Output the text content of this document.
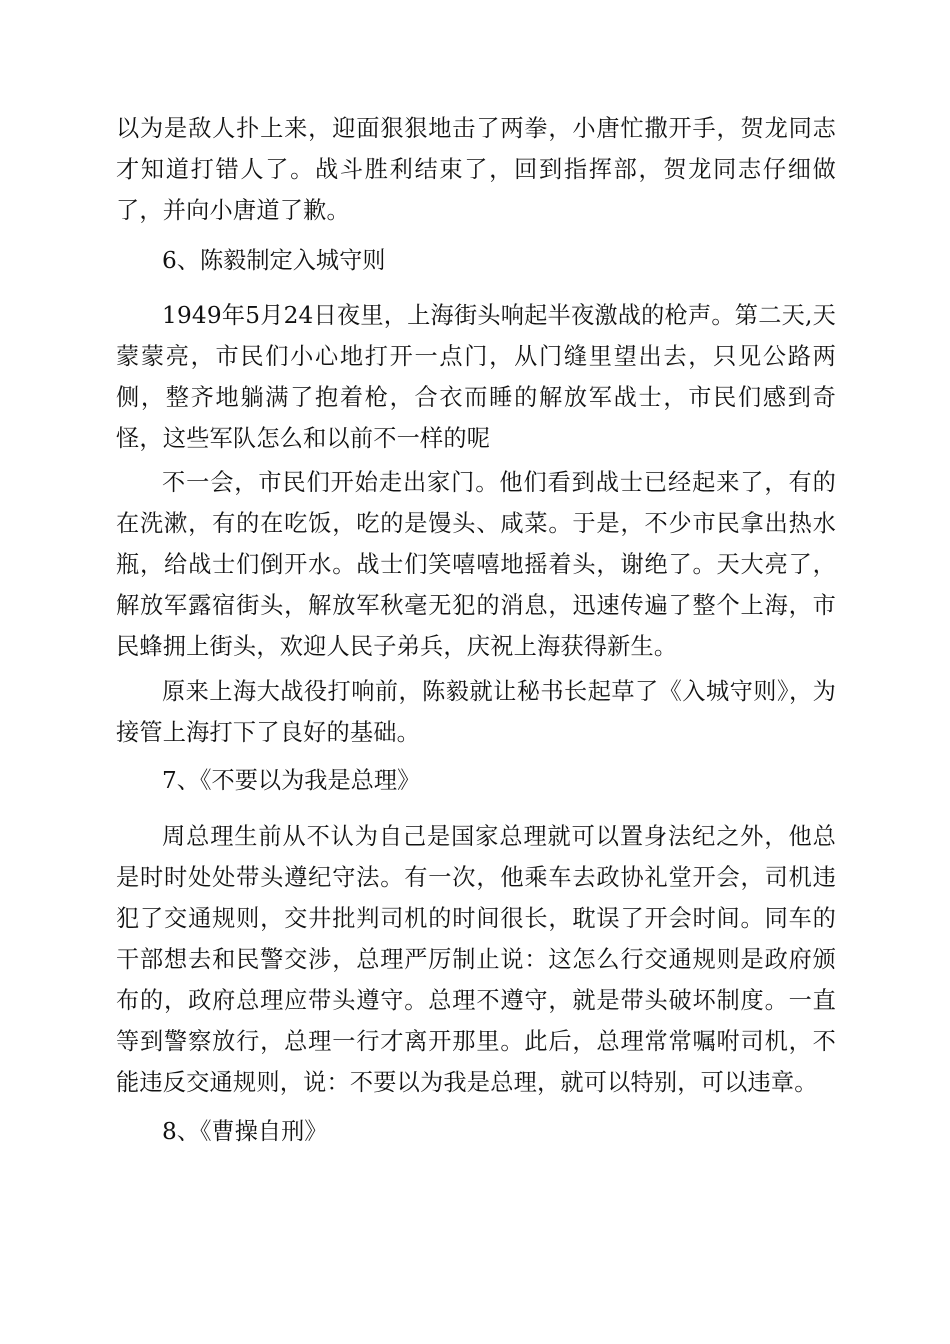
以为是敌人扑上来，迎面狠狠地击了两拳，小唐忙撒开手，贺龙同志才知道打错人了。战斗胜利结束了，回到指挥部，贺龙同志仔细做了，并向小唐道了歉。

6、陈毅制定入城守则

1949年5月24日夜里，上海街头响起半夜激战的枪声。第二天,天蒙蒙亮，市民们小心地打开一点门，从门缝里望出去，只见公路两侧，整齐地躺满了抱着枪，合衣而睡的解放军战士，市民们感到奇怪，这些军队怎么和以前不一样的呢

不一会，市民们开始走出家门。他们看到战士已经起来了，有的在洗漱，有的在吃饭，吃的是馒头、咸菜。于是，不少市民拿出热水瓶，给战士们倒开水。战士们笑嘻嘻地摇着头，谢绝了。天大亮了，解放军露宿街头，解放军秋毫无犯的消息，迅速传遍了整个上海，市民蜂拥上街头，欢迎人民子弟兵，庆祝上海获得新生。

原来上海大战役打响前，陈毅就让秘书长起草了《入城守则》，为接管上海打下了良好的基础。

7、《不要以为我是总理》

周总理生前从不认为自己是国家总理就可以置身法纪之外，他总是时时处处带头遵纪守法。有一次，他乘车去政协礼堂开会，司机违犯了交通规则，交井批判司机的时间很长，耽误了开会时间。同车的干部想去和民警交涉，总理严厉制止说：这怎么行交通规则是政府颁布的，政府总理应带头遵守。总理不遵守，就是带头破坏制度。一直等到警察放行，总理一行才离开那里。此后，总理常常嘱咐司机，不能违反交通规则，说：不要以为我是总理，就可以特别，可以违章。

8、《曹操自刑》
